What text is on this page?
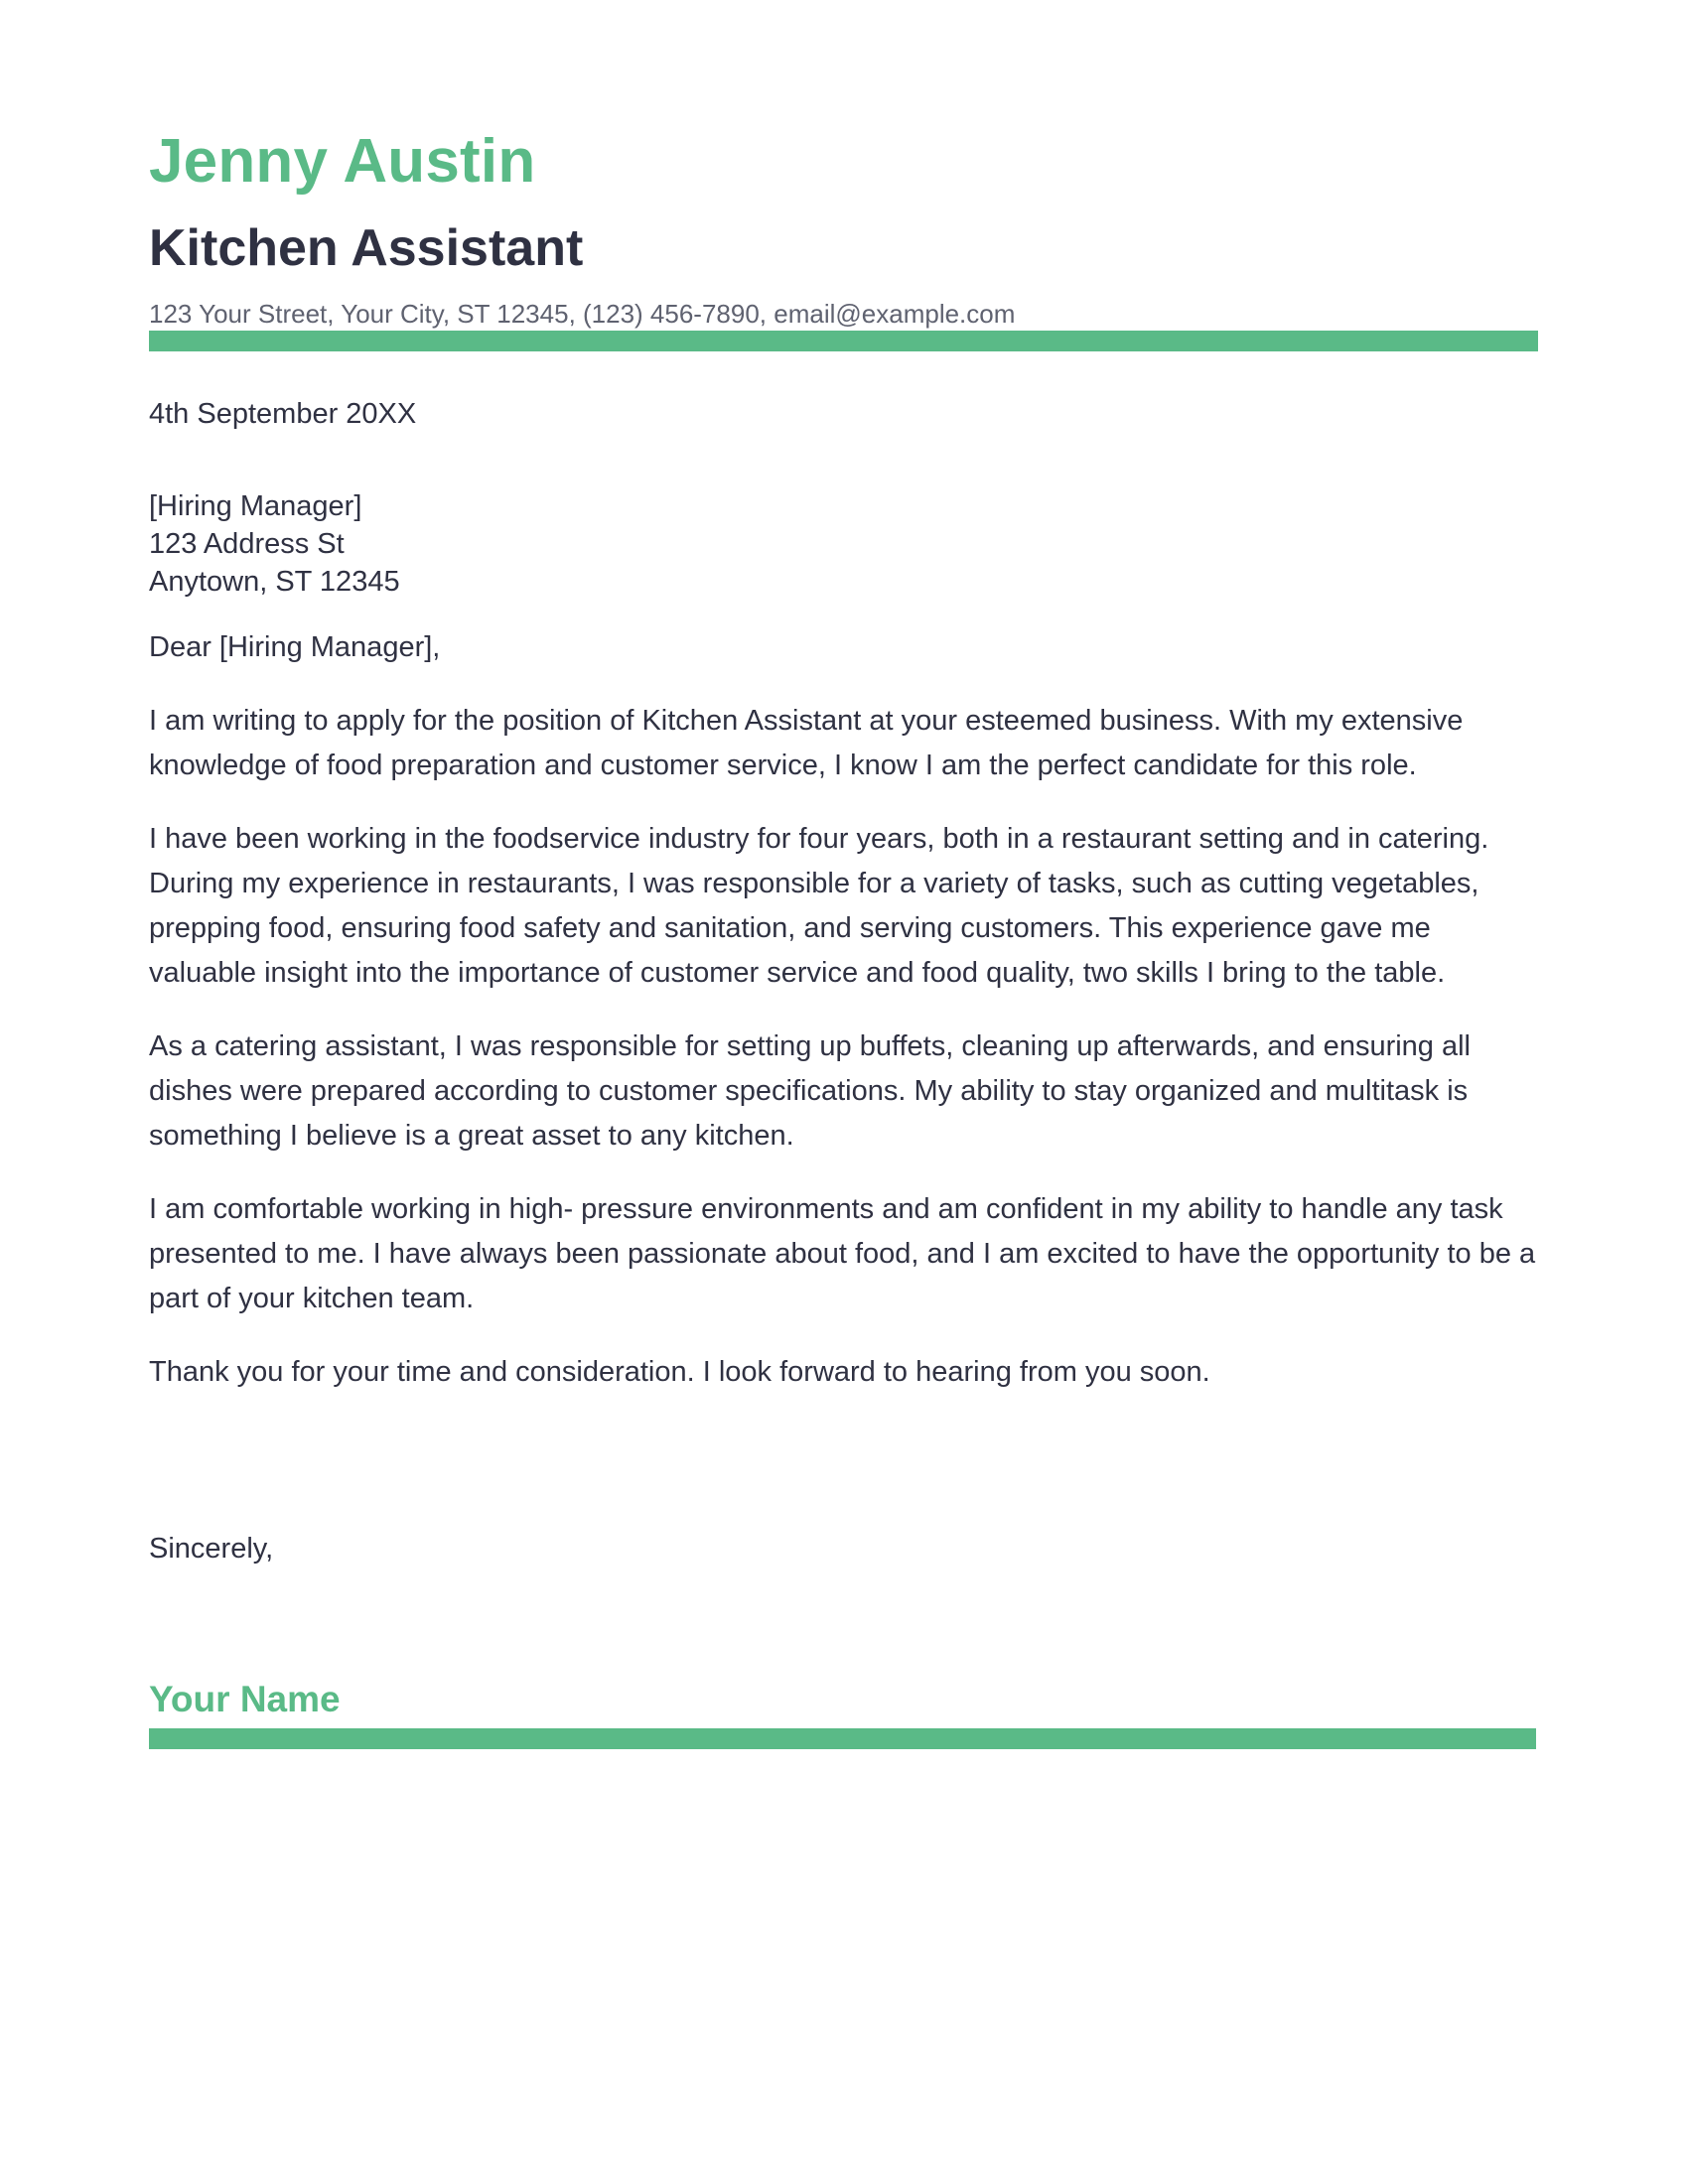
Jenny Austin
Kitchen Assistant

123 Your Street, Your City, ST 12345, (123) 456-7890, email@example.com

4th September 20XX

[Hiring Manager]
123 Address St
Anytown, ST 12345

Dear [Hiring Manager],

I am writing to apply for the position of Kitchen Assistant at your esteemed business. With my extensive knowledge of food preparation and customer service, I know I am the perfect candidate for this role.

I have been working in the foodservice industry for four years, both in a restaurant setting and in catering. During my experience in restaurants, I was responsible for a variety of tasks, such as cutting vegetables, prepping food, ensuring food safety and sanitation, and serving customers. This experience gave me valuable insight into the importance of customer service and food quality, two skills I bring to the table.

As a catering assistant, I was responsible for setting up buffets, cleaning up afterwards, and ensuring all dishes were prepared according to customer specifications. My ability to stay organized and multitask is something I believe is a great asset to any kitchen.

I am comfortable working in high- pressure environments and am confident in my ability to handle any task presented to me. I have always been passionate about food, and I am excited to have the opportunity to be a part of your kitchen team.

Thank you for your time and consideration. I look forward to hearing from you soon.

Sincerely,

Your Name
